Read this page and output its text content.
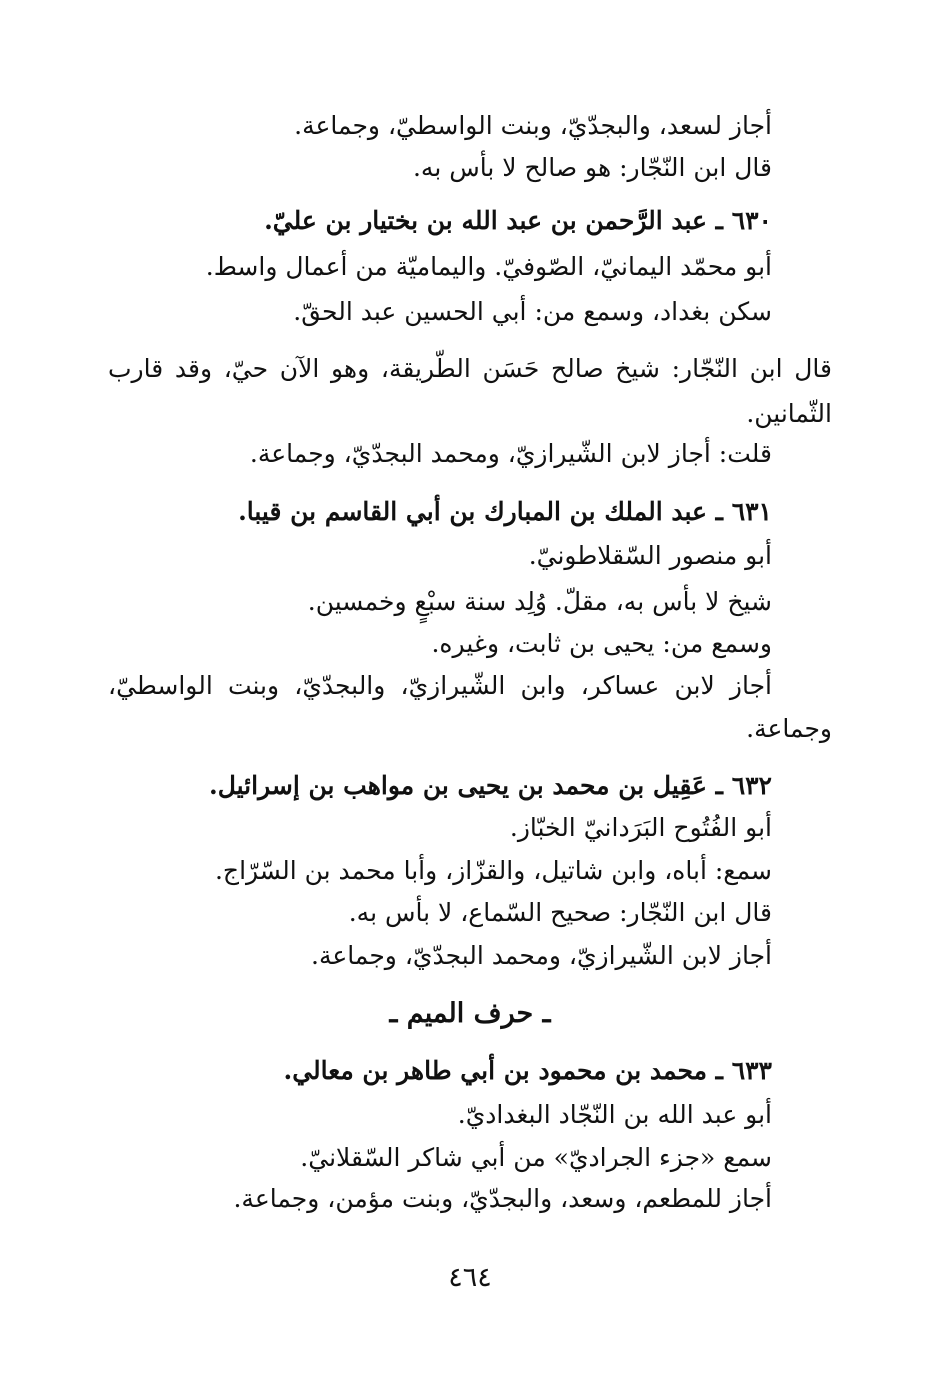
أجاز لسعد، والبجدّيّ، وبنت الواسطيّ، وجماعة.

قال ابن النّجّار: هو صالح لا بأس به.

٦٣٠ ـ عبد الرَّحمن بن عبد الله بن بختيار بن عليّ.

أبو محمّد اليمانيّ، الصّوفيّ. واليماميّة من أعمال واسط.

سكن بغداد، وسمع من: أبي الحسين عبد الحقّ.

قال ابن النّجّار: شيخ صالح حَسَن الطّريقة، وهو الآن حيّ، وقد قارب

الثّمانين.

قلت: أجاز لابن الشّيرازيّ، ومحمد البجدّيّ، وجماعة.

٦٣١ ـ عبد الملك بن المبارك بن أبي القاسم بن قيبا.

أبو منصور السّقلاطونيّ.

شيخ لا بأس به، مقلّ. وُلِد سنة سبْعٍ وخمسين.

وسمع من: يحيى بن ثابت، وغيره.

أجاز لابن عساكر، وابن الشّيرازيّ، والبجدّيّ، وبنت الواسطيّ،

وجماعة.

٦٣٢ ـ عَقِيل بن محمد بن يحيى بن مواهب بن إسرائيل.

أبو الفُتُوح البَرَدانيّ الخبّاز.

سمع: أباه، وابن شاتيل، والقزّاز، وأبا محمد بن السّرّاج.

قال ابن النّجّار: صحيح السّماع، لا بأس به.

أجاز لابن الشّيرازيّ، ومحمد البجدّيّ، وجماعة.

ـ حرف الميم ـ

٦٣٣ ـ محمد بن محمود بن أبي طاهر بن معالي.

أبو عبد الله بن النّجّاد البغداديّ.

سمع «جزء الجراديّ» من أبي شاكر السّقلانيّ.

أجاز للمطعم، وسعد، والبجدّيّ، وبنت مؤمن، وجماعة.

٤٦٤
